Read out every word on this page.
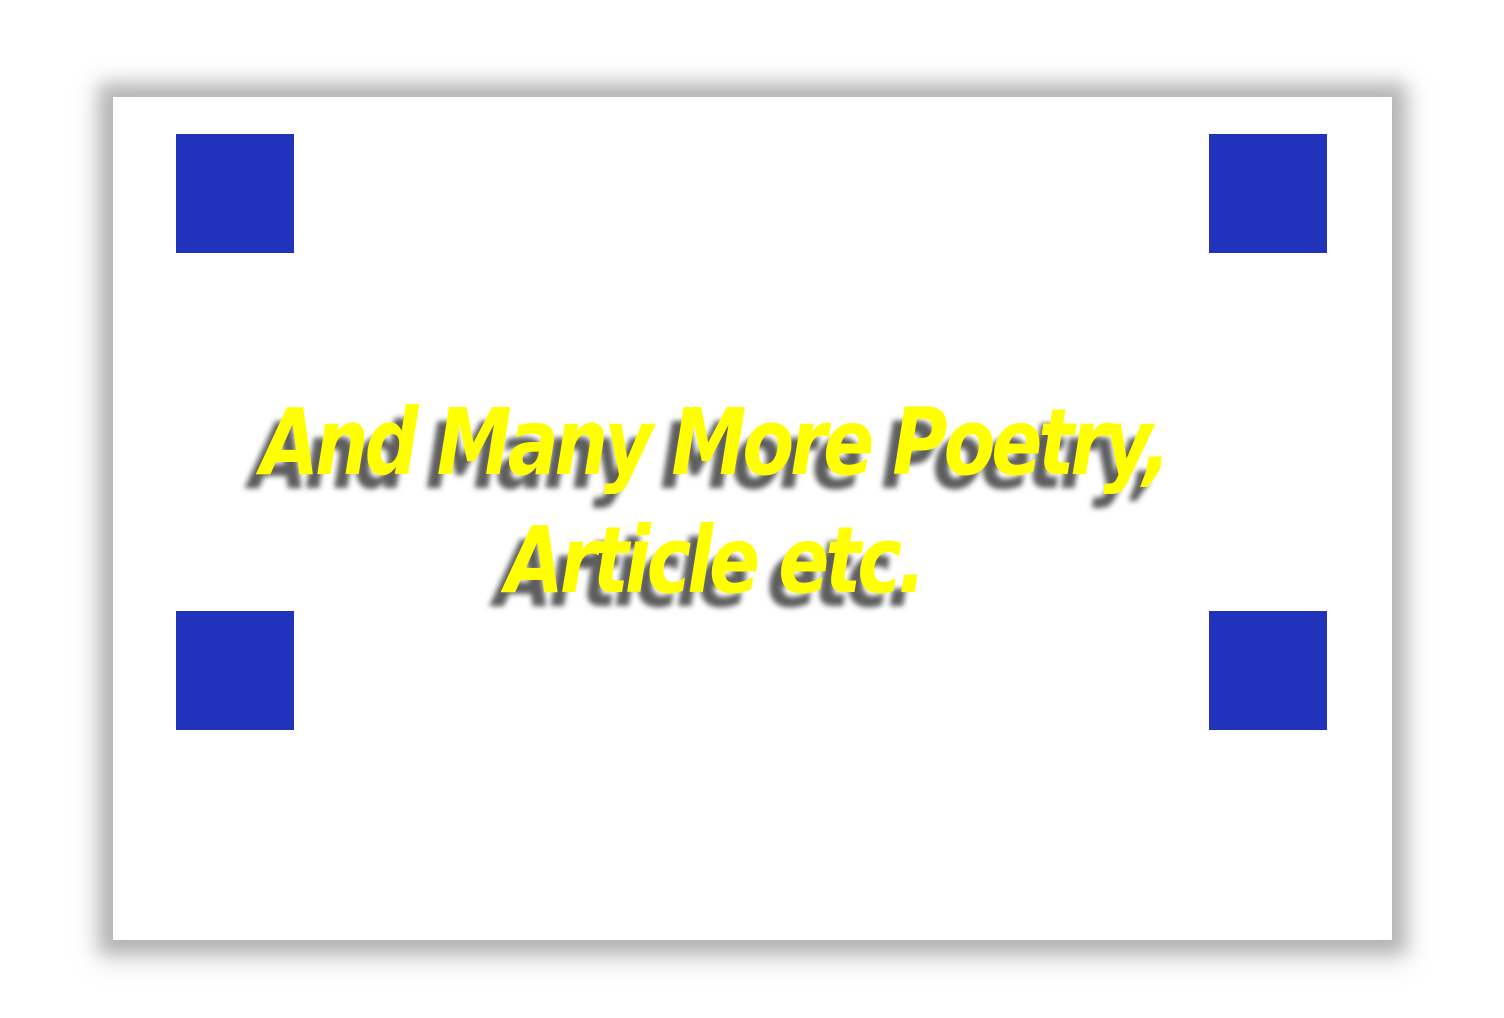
And Many More Poetry,
Article etc.
